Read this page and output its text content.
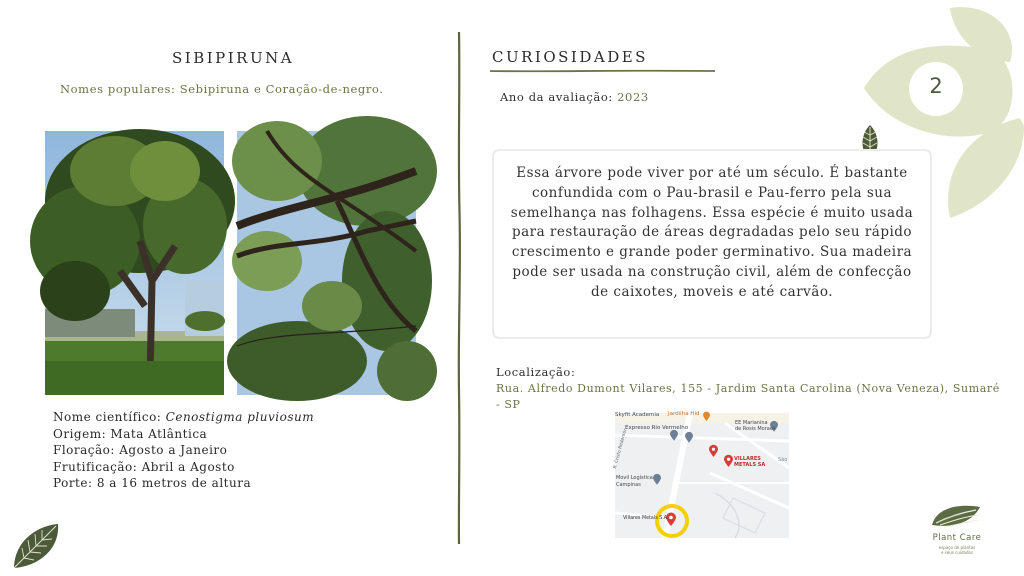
2
SIBIPIRUNA
Nomes populares: Sebipiruna e Coração-de-negro.
Nome científico: Cenostigma pluviosum
Origem: Mata Atlântica
Floração: Agosto a Janeiro
Frutificação: Abril a Agosto
Porte: 8 a 16 metros de altura
CURIOSIDADES
Ano da avaliação: 2023
Essa árvore pode viver por até um século. É bastante confundida com o Pau-brasil e Pau-ferro pela sua semelhança nas folhagens. Essa espécie é muito usada para restauração de áreas degradadas pelo seu rápido crescimento e grande poder germinativo. Sua madeira pode ser usada na construção civil, além de confecção de caixotes, moveis e até carvão.
Localização:
Rua. Alfredo Dumont Vilares, 155 - Jardim Santa Carolina (Nova Veneza), Sumaré - SP
Skyfit Academia Jardilha Hid
Expresso Rio Vermelho
EE Marianina
de Rosis Moraes
VILLARES
METALS SA
São
R. Cristo Redentor
Movil Logística
Campinas
Villares Metals S.A.
Plant Care
espaço de plantas
e seus cuidados
